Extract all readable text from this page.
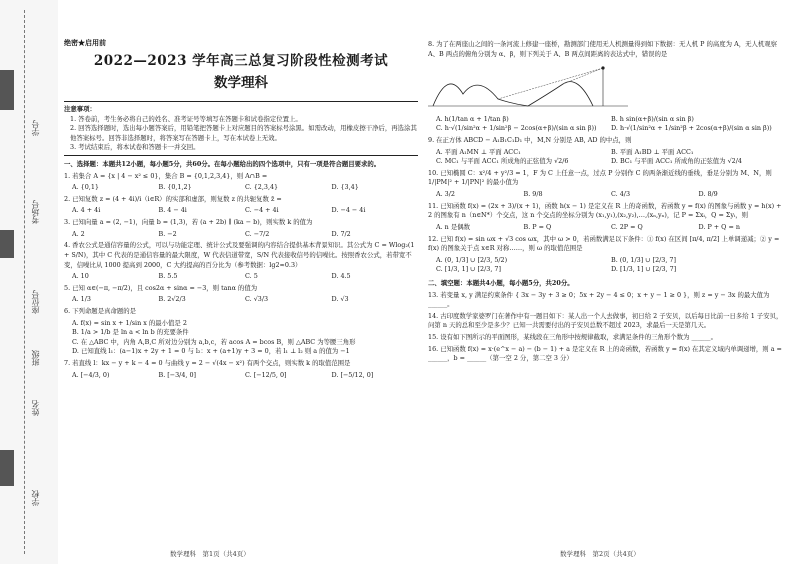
学号
考场号
座位号
班级
姓名
学校
绝密★启用前
2022—2023 学年高三总复习阶段性检测考试
数学理科
注意事项：

1. 答卷前，考生务必将自己的姓名、准考证号等填写在答题卡和试卷指定位置上。

2. 回答选择题时，选出每小题答案后，用铅笔把答题卡上对应题目的答案标号涂黑。如需改动，用橡皮擦干净后，再选涂其他答案标号。回答非选择题时，将答案写在答题卡上，写在本试卷上无效。

3. 考试结束后，将本试卷和答题卡一并交回。

一、选择题：本题共12小题，每小题5分，共60分。在每小题给出的四个选项中，只有一项是符合题目要求的。
1. 若集合 A = {x | 4 − x² ≤ 0}，集合 B = {0,1,2,3,4}，则 A∩B =
A. {0,1}	B. {0,1,2}	C. {2,3,4}	D. {3,4}
2. 已知复数 z = (4 + 4i)/i（i∈R）的实部和虚部，则复数 z 的共轭复数 z̄ =
A. 4 + 4i	B. 4 − 4i	C. −4 + 4i	D. −4 − 4i
3. 已知向量 a = (2, −1)，向量 b = (1,3)，若 (a + 2b) ∥ (ka − b)，则实数 k 的值为
A. 2	B. −2	C. −7/2	D. 7/2
4. 香农公式是通信容量的公式，可以与功能定理、统计公式及要强调的内容结合提供基本背景知识。其公式为 C = Wlog₂(1 + S/N)，其中 C 代表的是通信容量的最大限度，W 代表信道带宽，S/N 代表接收信号的信噪比。按照香农公式，若带宽不变，信噪比从 1000 提高到 2000，C 大约提高的百分比为（参考数据：lg2≈0.3）
A. 10	B. 5.5	C. 5	D. 4.5
5. 已知 α∈(−π, −π/2)，且 cos2α + sinα = −3，则 tanα 的值为
A. 1/3	B. 2√2/3	C. √3/3	D. √3
6. 下列命题是真命题的是
A. f(x) = sin x + 1/sin x 的最小值是 2
B. 1/a > 1/b 是 ln a < ln b 的充要条件
C. 在 △ABC 中，内角 A,B,C 所对边分别为 a,b,c，若 acos A = bcos B，则 △ABC 为等腰三角形
D. 已知直线 l₁：(a−1)x + 2y + 1 = 0 与 l₂：x + (a+1)y + 3 = 0，若 l₁ ⊥ l₂ 则 a 的值为 −1
7. 若直线 l：kx − y + k − 4 = 0 与曲线 y = 2 − √(4x − x²) 有两个交点，则实数 k 的取值范围是
A. [−4/3, 0)	B. [−3/4, 0]	C. [−12/5, 0]	D. [−5/12, 0]
数学理科　第1页（共4页）
8. 为了在两座山之间的一条河流上修建一座桥，勘测部门使用无人机测量得到如下数据：无人机 P 的高度为 A，无人机观察 A、B 两点的俯角分别为 α、β，则下列关于 A、B 两点间距离的表达式中，错误的是
A. h(1/tan α + 1/tan β)	B. h sin(α+β)/(sin α sin β)
C. h·√(1/sin²α + 1/sin²β − 2cos(α+β)/(sin α sin β))	D. h·√(1/sin²α + 1/sin²β + 2cos(α+β)/(sin α sin β))
9. 在正方体 ABCD − A₁B₁C₁D₁ 中，M,N 分别是 AB, AD 的中点，则
A. 平面 A₁MN ⊥ 平面 ACC₁	B. 平面 A₁BD ⊥ 平面 ACC₁
C. MC₁ 与平面 ACC₁ 所成角的正弦值为 √2/6	D. BC₁ 与平面 ACC₁ 所成角的正弦值为 √2/4
10. 已知椭圆 C：x²/4 + y²/3 = 1，F 为 C 上任意一点，过点 P 分别作 C 的两条渐近线的垂线，垂足分别为 M、N，则 1/|PM|² + 1/|PN|² 的最小值为
A. 3/2	B. 9/8	C. 4/3	D. 8/9
11. 已知函数 f(x) = (2x + 3)/(x + 1)，函数 h(x − 1) 是定义在 R 上的奇函数，若函数 y = f(x) 的图象与函数 y = h(x) + 2 的图象有 n（n∈N*）个交点，这 n 个交点的坐标分别为 (x₁,y₁),(x₂,y₂),…,(xₙ,yₙ)，记 P = Σxᵢ，Q = Σyᵢ，则
A. n 是偶数	B. P = Q	C. 2P = Q	D. P + Q = n
12. 已知 f(x) = sin ωx + √3 cos ωx，其中 ω > 0，若函数满足以下条件：① f(x) 在区间 [π/4, π/2] 上单调递减；② y = f(x) 的图象关于点 x∈R 对称……，则 ω 的取值范围是
A. (0, 1/3] ∪ [2/3, 5/2)	B. (0, 1/3] ∪ [2/3, 7]
C. [1/3, 1] ∪ [2/3, 7]	D. [1/3, 1] ∪ [2/3, 7]
二、填空题：本题共4小题，每小题5分，共20分。
13. 若变量 x, y 满足约束条件 { 3x − 3y + 3 ≥ 0；5x + 2y − 4 ≤ 0；x + y − 1 ≥ 0 }，则 z = y − 3x 的最大值为 ______。
14. 古印度数学家婆罗门在著作中有一题目如下：某人出一个人去做事，初日给 2 子安贝，以后每日比前一日多给 1 子安贝，问第 n 天的总和至少是多少？已知一共需要付出的子安贝总数不超过 2023，求最后一天是第几天。
15. 设有如下图所示的平面图形，某线段在三角形中按规律截取，求满足条件的三角形个数为 ______。
16. 已知函数 f(x) = x·(e^x − a) − (b − 1) + a 是定义在 R 上的奇函数，若函数 y = f(x) 在其定义域内单调递增，则 a = ______，b = ______（第一空 2 分，第二空 3 分）
数学理科　第2页（共4页）
